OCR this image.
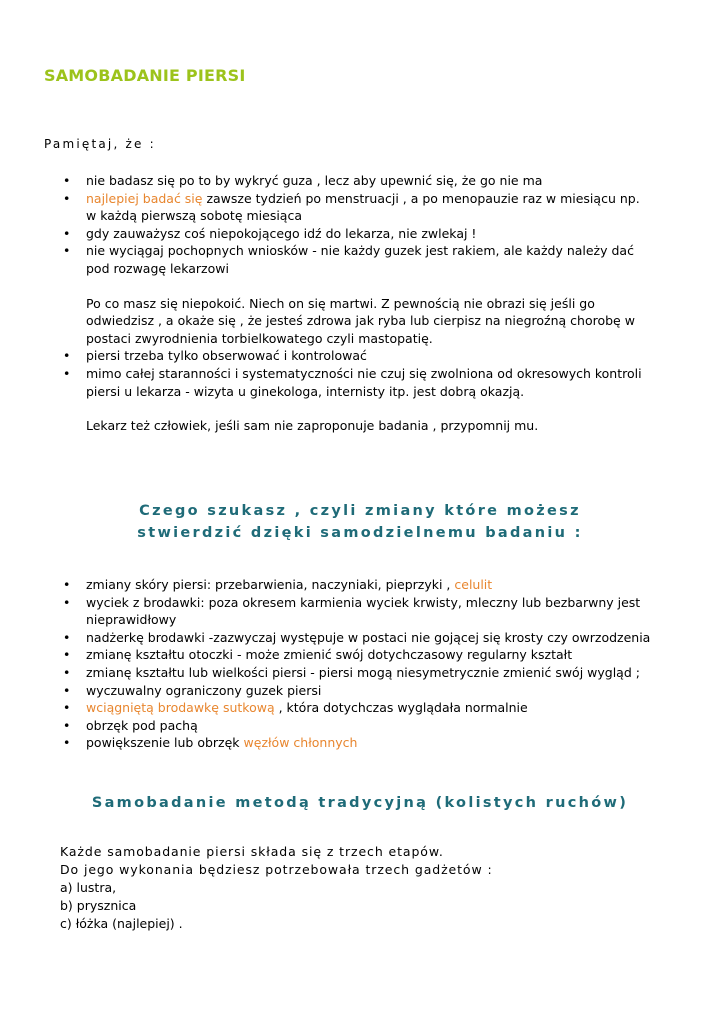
SAMOBADANIE PIERSI

Pamiętaj, że :

• nie badasz się po to by wykryć guza , lecz aby upewnić się, że go nie ma
• najlepiej badać się zawsze tydzień po menstruacji , a po menopauzie raz w miesiącu np. w każdą pierwszą sobotę miesiąca
• gdy zauważysz coś niepokojącego idź do lekarza, nie zwlekaj !
• nie wyciągaj pochopnych wniosków - nie każdy guzek jest rakiem, ale każdy należy dać pod rozwagę lekarzowi
Po co masz się niepokoić. Niech on się martwi. Z pewnością nie obrazi się jeśli go odwiedzisz , a okaże się , że jesteś zdrowa jak ryba lub cierpisz na niegroźną chorobę w postaci zwyrodnienia torbielkowatego czyli mastopatię.
• piersi trzeba tylko obserwować i kontrolować
• mimo całej staranności i systematyczności nie czuj się zwolniona od okresowych kontroli piersi u lekarza - wizyta u ginekologa, internisty itp. jest dobrą okazją.
Lekarz też człowiek, jeśli sam nie zaproponuje badania , przypomnij mu.
Czego szukasz , czyli zmiany które możesz
stwierdzić dzięki samodzielnemu badaniu :
• zmiany skóry piersi: przebarwienia, naczyniaki, pieprzyki , celulit
• wyciek z brodawki: poza okresem karmienia wyciek krwisty, mleczny lub bezbarwny jest nieprawidłowy
• nadżerkę brodawki -zazwyczaj występuje w postaci nie gojącej się krosty czy owrzodzenia
• zmianę kształtu otoczki - może zmienić swój dotychczasowy regularny kształt
• zmianę kształtu lub wielkości piersi - piersi mogą niesymetrycznie zmienić swój wygląd ;
• wyczuwalny ograniczony guzek piersi
• wciągniętą brodawkę sutkową , która dotychczas wyglądała normalnie
• obrzęk pod pachą
• powiększenie lub obrzęk węzłów chłonnych
Samobadanie metodą tradycyjną (kolistych ruchów)
Każde samobadanie piersi składa się z trzech etapów.
Do jego wykonania będziesz potrzebowała trzech gadżetów :
a) lustra,
b) prysznica
c) łóżka (najlepiej) .
